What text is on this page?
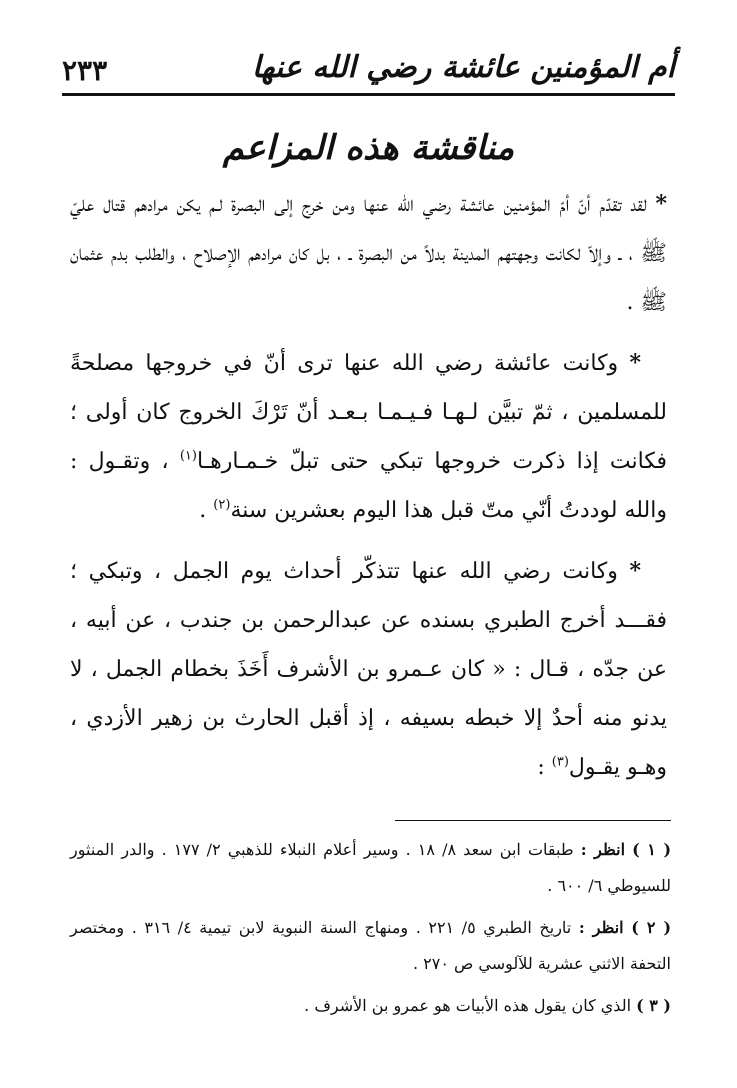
أم المؤمنين عائشة رضي الله عنها
٢٣٣
مناقشة هذه المزاعم

* لقد تقدّم أنّ أمّ المؤمنين عائشة رضي الله عنها ومن خرج إلى البصرة لـم يكن مرادهم قتال عليّ ﷺ ، ـ وإلاّ لكانت وجهتهم المدينة بدلاً من البصرة ـ ، بل كان مرادهم الإصلاح ، والطلب بدم عثمان ﷺ .

* وكانت عائشة رضي الله عنها ترى أنّ في خروجها مصلحةً للمسلمين ، ثمّ تبيَّن لـهـا فـيـمـا بـعـد أنّ تَرْكَ الخروج كان أولى ؛ فكانت إذا ذكرت خروجها تبكي حتى تبلّ خـمـارهـا$^{(١)}$ ، وتقـول : والله لوددتُ أنّي متّ قبل هذا اليوم بعشرين سنة$^{(٢)}$ .

* وكانت رضي الله عنها تتذكّر أحداث يوم الجمل ، وتبكي ؛ فقـــد أخرج الطبري بسنده عن عبدالرحمن بن جندب ، عن أبيه ، عن جدّه ، قـال : « كان عـمرو بن الأشرف أَخَذَ بخطام الجمل ، لا يدنو منه أحدٌ إلا خبطه بسيفه ، إذ أقبل الحارث بن زهير الأزدي ، وهـو يقـول$^{(٣)}$ :

( ١ ) انظر : طبقات ابن سعد ٨/ ١٨ . وسير أعلام النبلاء للذهبي ٢/ ١٧٧ . والدر المنثور للسيوطي ٦/ ٦٠٠ .

( ٢ ) انظر : تاريخ الطبري ٥/ ٢٢١ . ومنهاج السنة النبوية لابن تيمية ٤/ ٣١٦ . ومختصر التحفة الاثني عشرية للآلوسي ص ٢٧٠ .

( ٣ ) الذي كان يقول هذه الأبيات هو عمرو بن الأشرف .
